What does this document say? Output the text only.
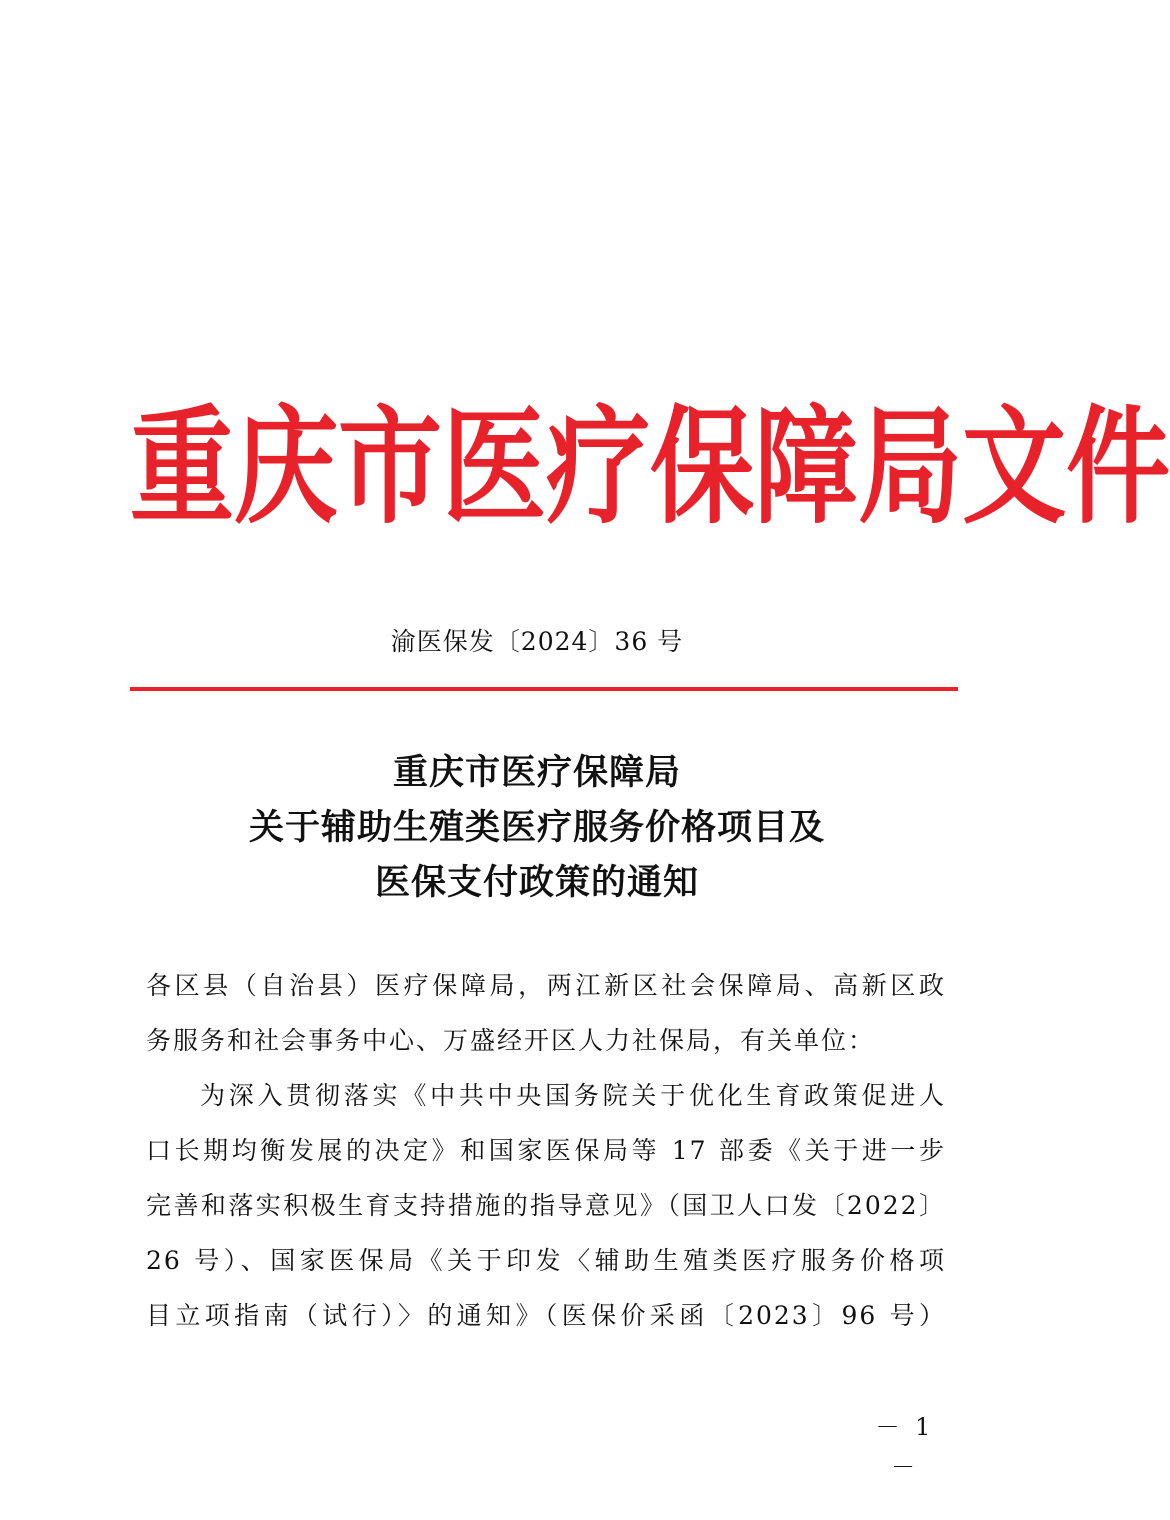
重 庆 市 医 疗 保 障 局 文 件
渝医保发〔2024〕36 号
重庆市医疗保障局
关于辅助生殖类医疗服务价格项目及
医保支付政策的通知
各区县（自治县）医疗保障局，两江新区社会保障局、高新区政
务服务和社会事务中心、万盛经开区人力社保局，有关单位：
为深入贯彻落实《中共中央国务院关于优化生育政策促进人
口长期均衡发展的决定》和国家医保局等 17 部委《关于进一步
完善和落实积极生育支持措施的指导意见》（国卫人口发〔2022〕
26 号）、国家医保局《关于印发〈辅助生殖类医疗服务价格项
目立项指南（试行）〉的通知》（医保价采函〔2023〕96 号）
－ 1 －
